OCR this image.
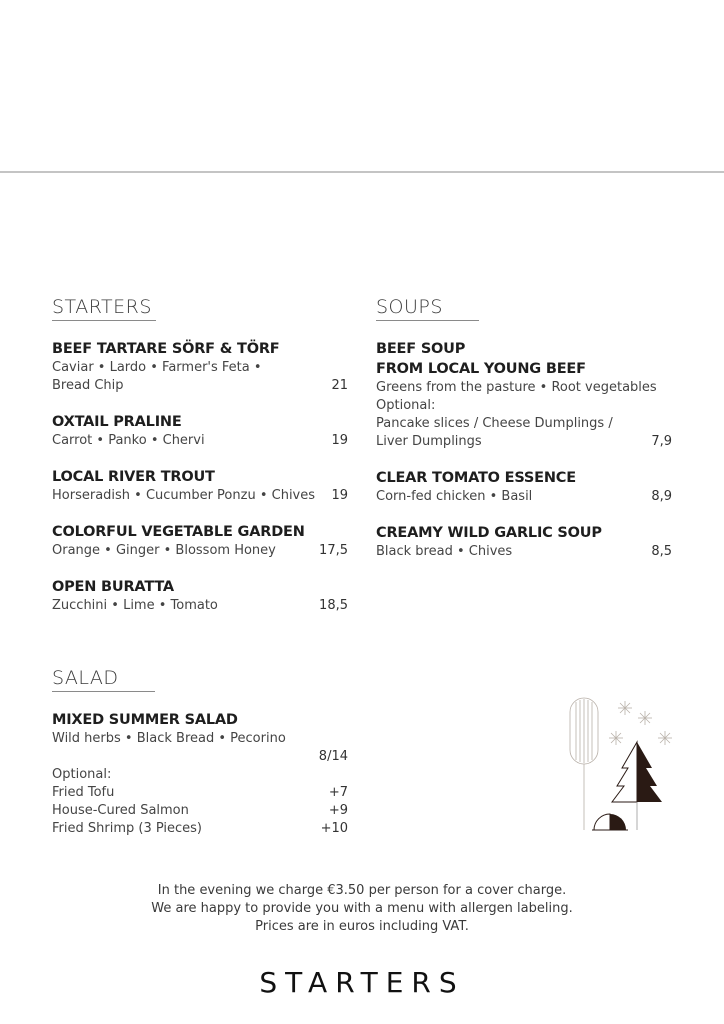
STARTERS
BEEF TARTARE SÖRF & TÖRF
Caviar • Lardo • Farmer's Feta •
Bread Chip	21
OXTAIL PRALINE
Carrot • Panko • Chervi	19
LOCAL RIVER TROUT
Horseradish • Cucumber Ponzu • Chives 19
COLORFUL VEGETABLE GARDEN
Orange • Ginger • Blossom Honey	17,5
OPEN BURATTA
Zucchini • Lime • Tomato	18,5
SOUPS
BEEF SOUP
FROM LOCAL YOUNG BEEF
Greens from the pasture • Root vegetables
Optional:
Pancake slices / Cheese Dumplings /
Liver Dumplings	7,9
CLEAR TOMATO ESSENCE
Corn-fed chicken • Basil	8,9
CREAMY WILD GARLIC SOUP
Black bread • Chives	8,5
SALAD
MIXED SUMMER SALAD
Wild herbs • Black Bread • Pecorino
8/14
Optional:
Fried Tofu	+7
House-Cured Salmon	+9
Fried Shrimp (3 Pieces)	+10
In the evening we charge €3.50 per person for a cover charge.
We are happy to provide you with a menu with allergen labeling.
Prices are in euros including VAT.
STARTERS
